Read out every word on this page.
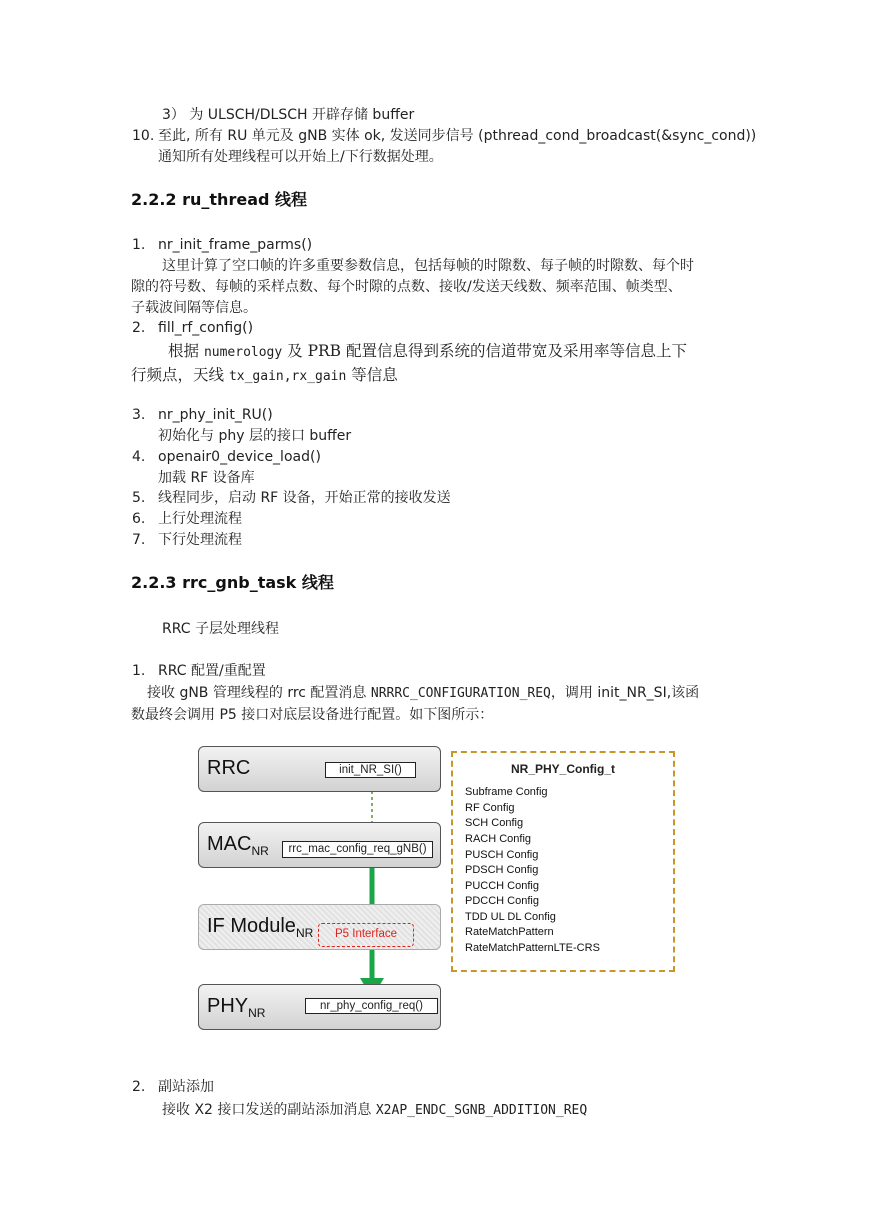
3） 为 ULSCH/DLSCH 开辟存储 buffer
10. 至此, 所有 RU 单元及 gNB 实体 ok, 发送同步信号 (pthread_cond_broadcast(&sync_cond))
通知所有处理线程可以开始上/下行数据处理。
2.2.2 ru_thread 线程
1. nr_init_frame_parms()
这里计算了空口帧的许多重要参数信息，包括每帧的时隙数、每子帧的时隙数、每个时
隙的符号数、每帧的采样点数、每个时隙的点数、接收/发送天线数、频率范围、帧类型、
子载波间隔等信息。
2. fill_rf_config()
根据 numerology 及 PRB 配置信息得到系统的信道带宽及采用率等信息上下
行频点，天线 tx_gain,rx_gain 等信息
3. nr_phy_init_RU()
初始化与 phy 层的接口 buffer
4. openair0_device_load()
加载 RF 设备库
5. 线程同步，启动 RF 设备，开始正常的接收发送
6. 上行处理流程
7. 下行处理流程
2.2.3 rrc_gnb_task 线程
RRC 子层处理线程
1. RRC 配置/重配置
接收 gNB 管理线程的 rrc 配置消息 NRRRC_CONFIGURATION_REQ，调用 init_NR_SI,该函
数最终会调用 P5 接口对底层设备进行配置。如下图所示：
RRC	init_NR_SI()
$MAC_{NR}$
IF Module$_{NR}$
$PHY_{NR}$
rrc_mac_config_req_gNB()
P5 Interface
nr_phy_config_req()
NR_PHY_Config_t
Subframe Config
RF Config
SCH Config
RACH Config
PUSCH Config
PDSCH Config
PUCCH Config
PDCCH Config
TDD UL DL Config
RateMatchPattern
RateMatchPatternLTE-CRS
2. 副站添加
接收 X2 接口发送的副站添加消息 X2AP_ENDC_SGNB_ADDITION_REQ
